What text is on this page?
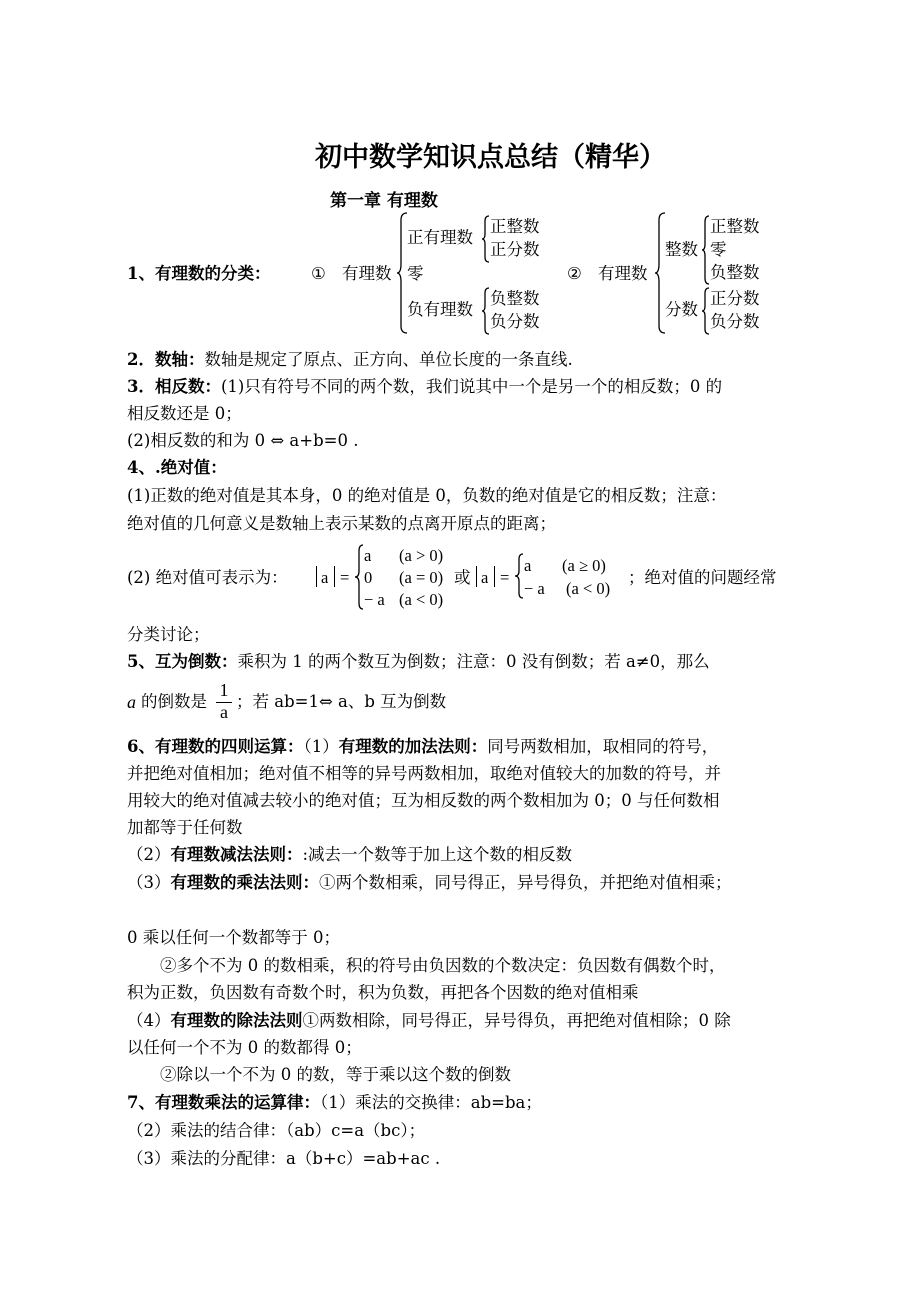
初中数学知识点总结（精华）
第一章 有理数
1、有理数的分类： ① 有理数
正有理数
正整数
正分数
零
负有理数
负整数
负分数
② 有理数
整数
正整数
零
负整数
分数
正分数
负分数
2．数轴：数轴是规定了原点、正方向、单位长度的一条直线.
3．相反数：(1)只有符号不同的两个数，我们说其中一个是另一个的相反数；0 的
相反数还是 0；
(2)相反数的和为 0 ⇔ a+b=0 .
4、.绝对值：
(1)正数的绝对值是其本身，0 的绝对值是 0，负数的绝对值是它的相反数；注意：
绝对值的几何意义是数轴上表示某数的点离开原点的距离；
(2) 绝对值可表示为： a =
a (a > 0)
0 (a = 0)
− a (a < 0)
或 a =
a (a ≥ 0)
− a (a < 0)
；绝对值的问题经常
分类讨论；
5、互为倒数：乘积为 1 的两个数互为倒数；注意：0 没有倒数；若 a≠0，那么
a 的倒数是
1
a
；若 ab=1⇔ a、b 互为倒数
6、有理数的四则运算：（1）有理数的加法法则：同号两数相加，取相同的符号，
并把绝对值相加；绝对值不相等的异号两数相加，取绝对值较大的加数的符号，并
用较大的绝对值减去较小的绝对值；互为相反数的两个数相加为 0；0 与任何数相
加都等于任何数
（2）有理数减法法则：:减去一个数等于加上这个数的相反数
（3）有理数的乘法法则：①两个数相乘，同号得正，异号得负，并把绝对值相乘；
0 乘以任何一个数都等于 0；
②多个不为 0 的数相乘，积的符号由负因数的个数决定：负因数有偶数个时，
积为正数，负因数有奇数个时，积为负数，再把各个因数的绝对值相乘
（4）有理数的除法法则①两数相除，同号得正，异号得负，再把绝对值相除；0 除
以任何一个不为 0 的数都得 0；
②除以一个不为 0 的数，等于乘以这个数的倒数
7、有理数乘法的运算律：（1）乘法的交换律：ab=ba；
（2）乘法的结合律：（ab）c=a（bc）；
（3）乘法的分配律：a（b+c）=ab+ac .
